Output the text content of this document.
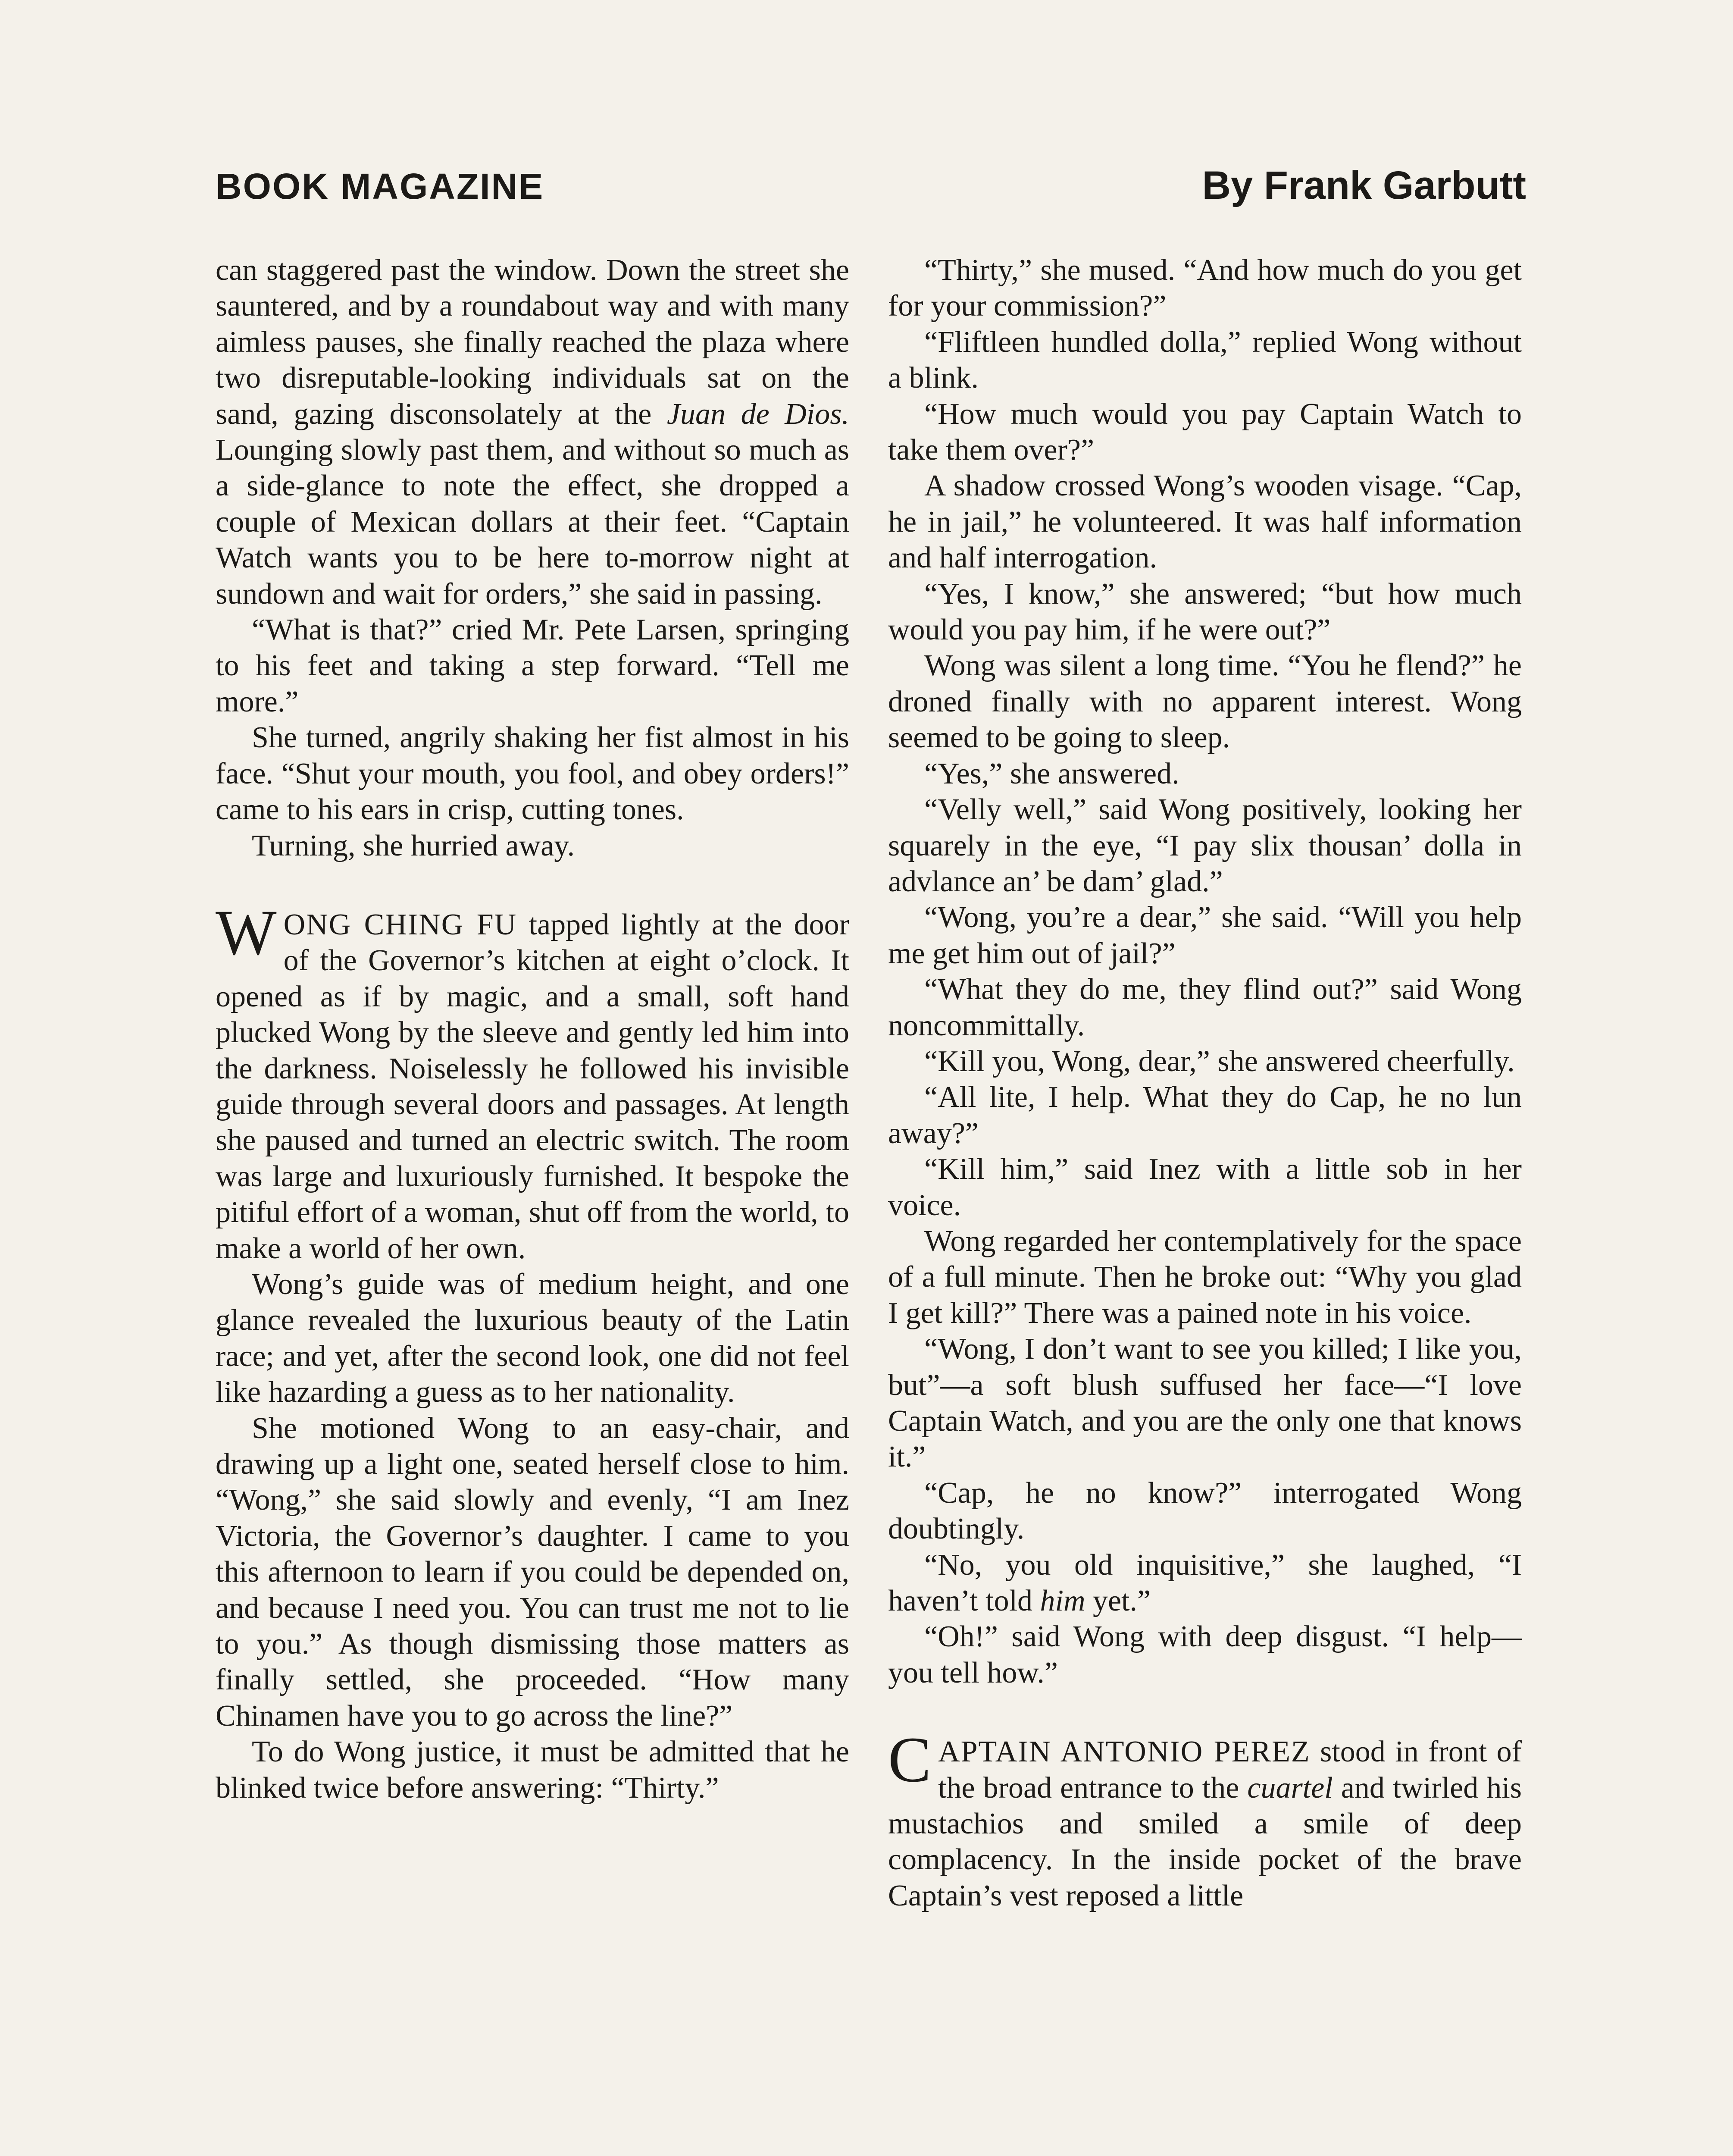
BOOK MAGAZINE	By Frank Garbutt

can staggered past the window. Down the street she sauntered, and by a roundabout way and with many aimless pauses, she finally reached the plaza where two disreputable-looking individuals sat on the sand, gazing disconsolately at the Juan de Dios. Lounging slowly past them, and without so much as a side-glance to note the effect, she dropped a couple of Mexican dollars at their feet. “Captain Watch wants you to be here to-morrow night at sundown and wait for orders,” she said in passing.

“What is that?” cried Mr. Pete Larsen, springing to his feet and taking a step forward. “Tell me more.”

She turned, angrily shaking her fist almost in his face. “Shut your mouth, you fool, and obey orders!” came to his ears in crisp, cutting tones.

Turning, she hurried away.

WONG CHING FU tapped lightly at the door of the Governor’s kitchen at eight o’clock. It opened as if by magic, and a small, soft hand plucked Wong by the sleeve and gently led him into the darkness. Noiselessly he followed his invisible guide through several doors and passages. At length she paused and turned an electric switch. The room was large and luxuriously furnished. It bespoke the pitiful effort of a woman, shut off from the world, to make a world of her own.

Wong’s guide was of medium height, and one glance revealed the luxurious beauty of the Latin race; and yet, after the second look, one did not feel like hazarding a guess as to her nationality.

She motioned Wong to an easy-chair, and drawing up a light one, seated herself close to him. “Wong,” she said slowly and evenly, “I am Inez Victoria, the Governor’s daughter. I came to you this afternoon to learn if you could be depended on, and because I need you. You can trust me not to lie to you.” As though dismissing those matters as finally settled, she proceeded. “How many Chinamen have you to go across the line?”

To do Wong justice, it must be admitted that he blinked twice before answering: “Thirty.”

“Thirty,” she mused. “And how much do you get for your commission?”

“Fliftleen hundled dolla,” replied Wong without a blink.

“How much would you pay Captain Watch to take them over?”

A shadow crossed Wong’s wooden visage. “Cap, he in jail,” he volunteered. It was half information and half interrogation.

“Yes, I know,” she answered; “but how much would you pay him, if he were out?”

Wong was silent a long time. “You he flend?” he droned finally with no apparent interest. Wong seemed to be going to sleep.

“Yes,” she answered.

“Velly well,” said Wong positively, looking her squarely in the eye, “I pay slix thousan’ dolla in advlance an’ be dam’ glad.”

“Wong, you’re a dear,” she said. “Will you help me get him out of jail?”

“What they do me, they flind out?” said Wong noncommittally.

“Kill you, Wong, dear,” she answered cheerfully.

“All lite, I help. What they do Cap, he no lun away?”

“Kill him,” said Inez with a little sob in her voice.

Wong regarded her contemplatively for the space of a full minute. Then he broke out: “Why you glad I get kill?” There was a pained note in his voice.

“Wong, I don’t want to see you killed; I like you, but”—a soft blush suffused her face—“I love Captain Watch, and you are the only one that knows it.”

“Cap, he no know?” interrogated Wong doubtingly.

“No, you old inquisitive,” she laughed, “I haven’t told him yet.”

“Oh!” said Wong with deep disgust. “I help—you tell how.”

CAPTAIN ANTONIO PEREZ stood in front of the broad entrance to the cuartel and twirled his mustachios and smiled a smile of deep complacency. In the inside pocket of the brave Captain’s vest reposed a little
